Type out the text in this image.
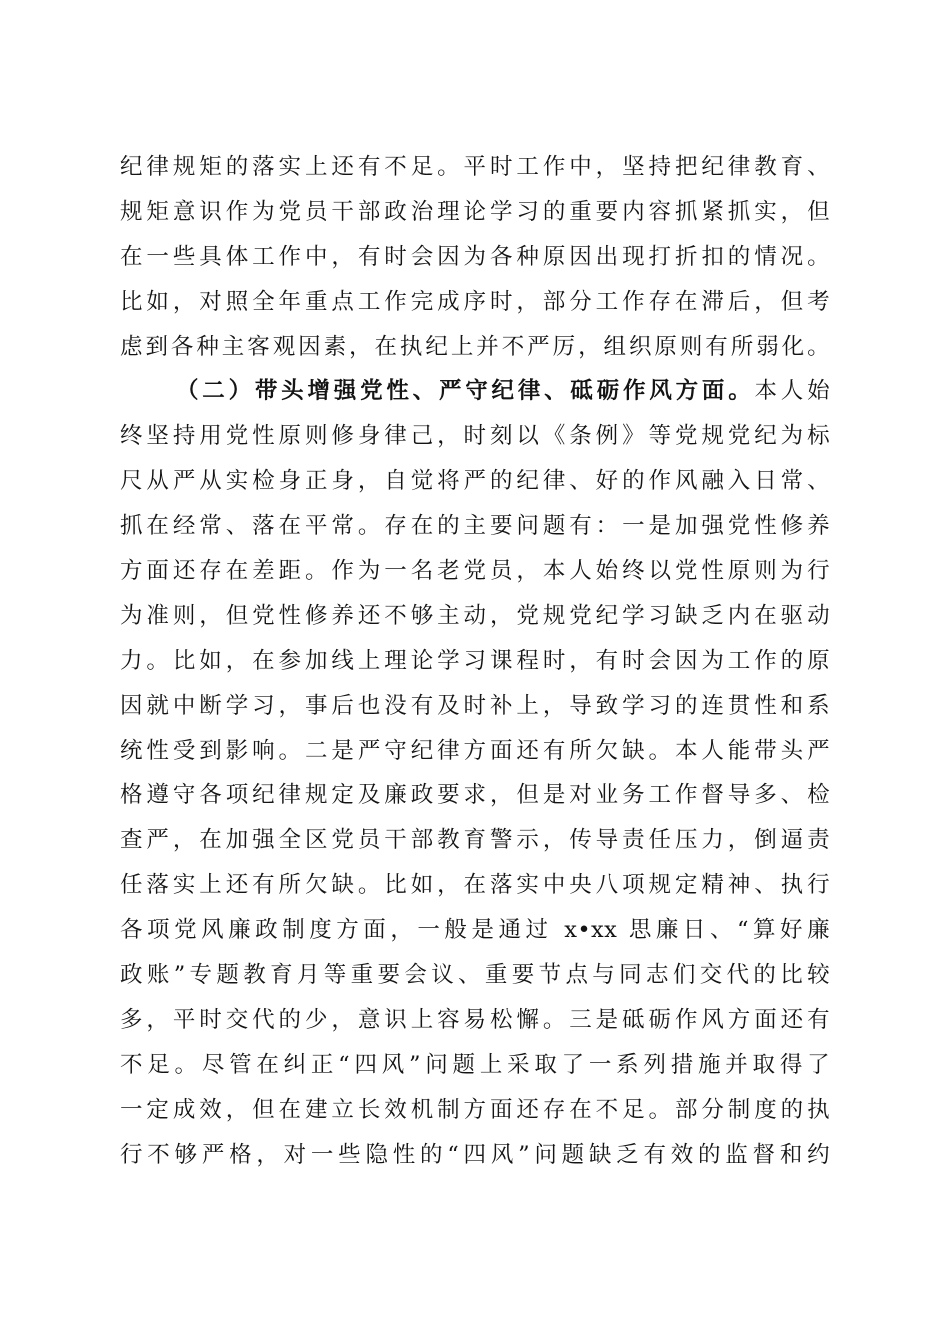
纪律规矩的落实上还有不足。平时工作中，坚持把纪律教育、
规矩意识作为党员干部政治理论学习的重要内容抓紧抓实，但
在一些具体工作中，有时会因为各种原因出现打折扣的情况。
比如，对照全年重点工作完成序时，部分工作存在滞后，但考
虑到各种主客观因素，在执纪上并不严厉，组织原则有所弱化。
（二）带头增强党性、严守纪律、砥砺作风方面。本人始
终坚持用党性原则修身律己，时刻以《条例》等党规党纪为标
尺从严从实检身正身，自觉将严的纪律、好的作风融入日常、
抓在经常、落在平常。存在的主要问题有：一是加强党性修养
方面还存在差距。作为一名老党员，本人始终以党性原则为行
为准则，但党性修养还不够主动，党规党纪学习缺乏内在驱动
力。比如，在参加线上理论学习课程时，有时会因为工作的原
因就中断学习，事后也没有及时补上，导致学习的连贯性和系
统性受到影响。二是严守纪律方面还有所欠缺。本人能带头严
格遵守各项纪律规定及廉政要求，但是对业务工作督导多、检
查严，在加强全区党员干部教育警示，传导责任压力，倒逼责
任落实上还有所欠缺。比如，在落实中央八项规定精神、执行
各项党风廉政制度方面，一般是通过 x•xx 思廉日、“算好廉
政账”专题教育月等重要会议、重要节点与同志们交代的比较
多，平时交代的少，意识上容易松懈。三是砥砺作风方面还有
不足。尽管在纠正“四风”问题上采取了一系列措施并取得了
一定成效，但在建立长效机制方面还存在不足。部分制度的执
行不够严格，对一些隐性的“四风”问题缺乏有效的监督和约
